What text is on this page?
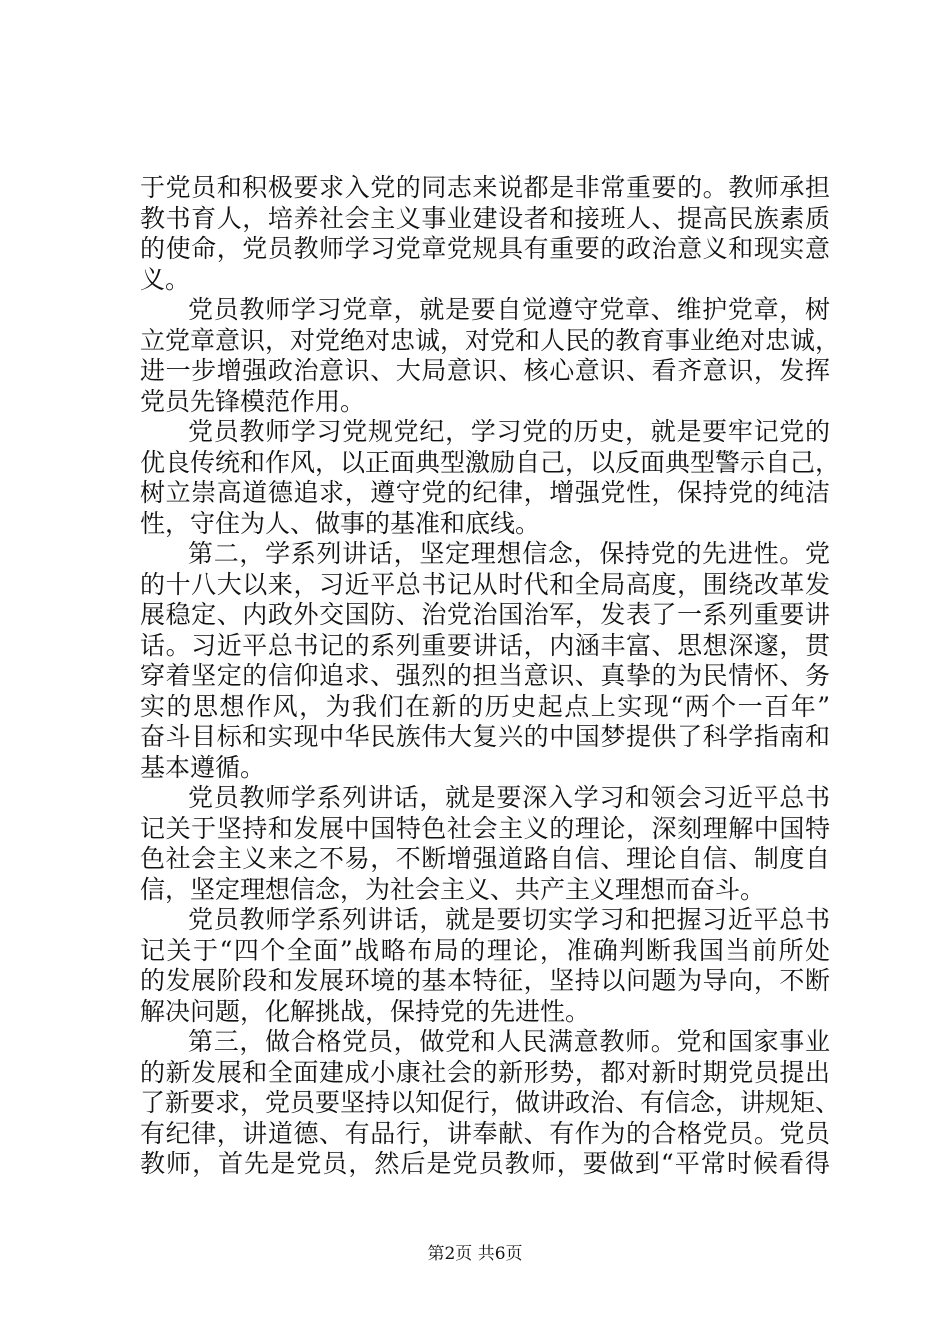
于党员和积极要求入党的同志来说都是非常重要的。教师承担
教书育人，培养社会主义事业建设者和接班人、提高民族素质
的使命，党员教师学习党章党规具有重要的政治意义和现实意
义。
党员教师学习党章，就是要自觉遵守党章、维护党章，树
立党章意识，对党绝对忠诚，对党和人民的教育事业绝对忠诚，
进一步增强政治意识、大局意识、核心意识、看齐意识，发挥
党员先锋模范作用。
党员教师学习党规党纪，学习党的历史，就是要牢记党的
优良传统和作风，以正面典型激励自己，以反面典型警示自己，
树立崇高道德追求，遵守党的纪律，增强党性，保持党的纯洁
性，守住为人、做事的基准和底线。
第二，学系列讲话，坚定理想信念，保持党的先进性。党
的十八大以来，习近平总书记从时代和全局高度，围绕改革发
展稳定、内政外交国防、治党治国治军，发表了一系列重要讲
话。习近平总书记的系列重要讲话，内涵丰富、思想深邃，贯
穿着坚定的信仰追求、强烈的担当意识、真挚的为民情怀、务
实的思想作风，为我们在新的历史起点上实现“两个一百年”
奋斗目标和实现中华民族伟大复兴的中国梦提供了科学指南和
基本遵循。
党员教师学系列讲话，就是要深入学习和领会习近平总书
记关于坚持和发展中国特色社会主义的理论，深刻理解中国特
色社会主义来之不易，不断增强道路自信、理论自信、制度自
信，坚定理想信念，为社会主义、共产主义理想而奋斗。
党员教师学系列讲话，就是要切实学习和把握习近平总书
记关于“四个全面”战略布局的理论，准确判断我国当前所处
的发展阶段和发展环境的基本特征，坚持以问题为导向，不断
解决问题，化解挑战，保持党的先进性。
第三，做合格党员，做党和人民满意教师。党和国家事业
的新发展和全面建成小康社会的新形势，都对新时期党员提出
了新要求，党员要坚持以知促行，做讲政治、有信念，讲规矩、
有纪律，讲道德、有品行，讲奉献、有作为的合格党员。党员
教师，首先是党员，然后是党员教师，要做到“平常时候看得
第2页 共6页
